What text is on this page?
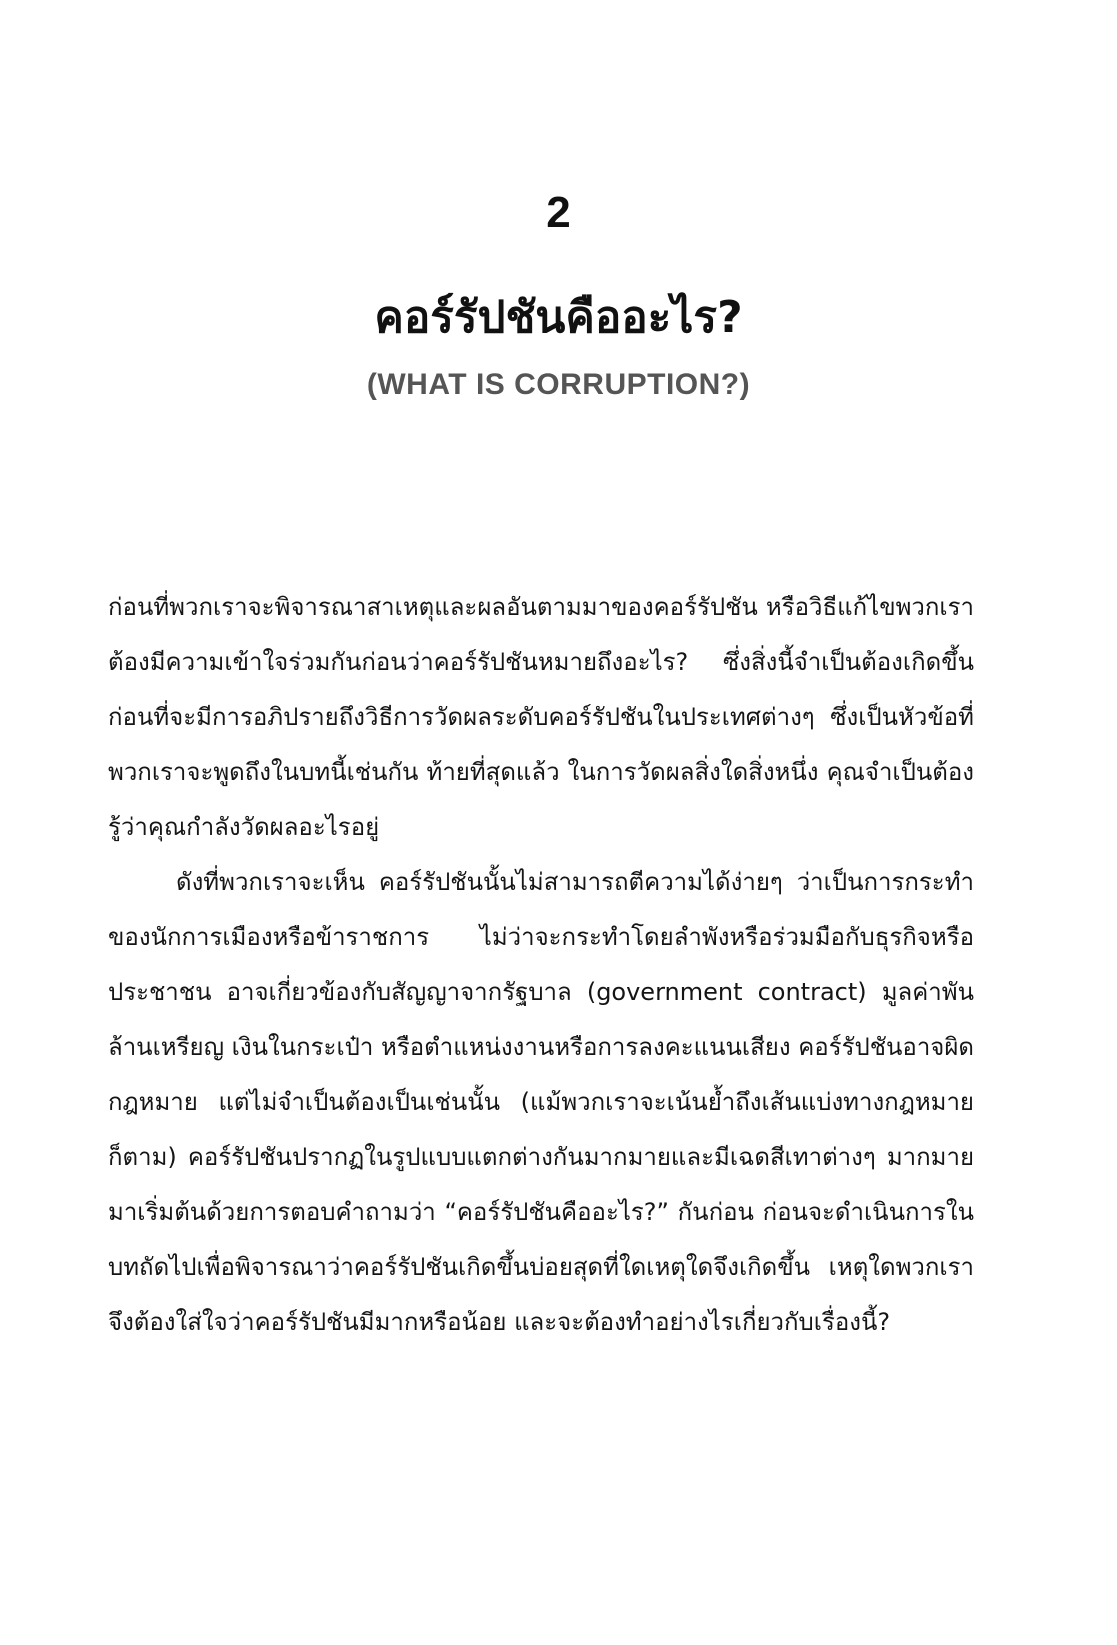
2
คอร์รัปชันคืออะไร?
(WHAT IS CORRUPTION?)

ก่อนที่พวกเราจะพิจารณาสาเหตุและผลอันตามมาของคอร์รัปชัน หรือวิธีแก้ไขพวกเราต้องมีความเข้าใจร่วมกันก่อนว่าคอร์รัปชันหมายถึงอะไร? ซึ่งสิ่งนี้จำเป็นต้องเกิดขึ้นก่อนที่จะมีการอภิปรายถึงวิธีการวัดผลระดับคอร์รัปชันในประเทศต่างๆ ซึ่งเป็นหัวข้อที่พวกเราจะพูดถึงในบทนี้เช่นกัน ท้ายที่สุดแล้ว ในการวัดผลสิ่งใดสิ่งหนึ่ง คุณจำเป็นต้องรู้ว่าคุณกำลังวัดผลอะไรอยู่

ดังที่พวกเราจะเห็น คอร์รัปชันนั้นไม่สามารถตีความได้ง่ายๆ ว่าเป็นการกระทำของนักการเมืองหรือข้าราชการ ไม่ว่าจะกระทำโดยลำพังหรือร่วมมือกับธุรกิจหรือประชาชน อาจเกี่ยวข้องกับสัญญาจากรัฐบาล (government contract) มูลค่าพันล้านเหรียญ เงินในกระเป๋า หรือตำแหน่งงานหรือการลงคะแนนเสียง คอร์รัปชันอาจผิดกฎหมาย แต่ไม่จำเป็นต้องเป็นเช่นนั้น (แม้พวกเราจะเน้นย้ำถึงเส้นแบ่งทางกฎหมายก็ตาม) คอร์รัปชันปรากฏในรูปแบบแตกต่างกันมากมายและมีเฉดสีเทาต่างๆ มากมาย มาเริ่มต้นด้วยการตอบคำถามว่า “คอร์รัปชันคืออะไร?” กันก่อน ก่อนจะดำเนินการในบทถัดไปเพื่อพิจารณาว่าคอร์รัปชันเกิดขึ้นบ่อยสุดที่ใดเหตุใดจึงเกิดขึ้น เหตุใดพวกเราจึงต้องใส่ใจว่าคอร์รัปชันมีมากหรือน้อย และจะต้องทำอย่างไรเกี่ยวกับเรื่องนี้?
